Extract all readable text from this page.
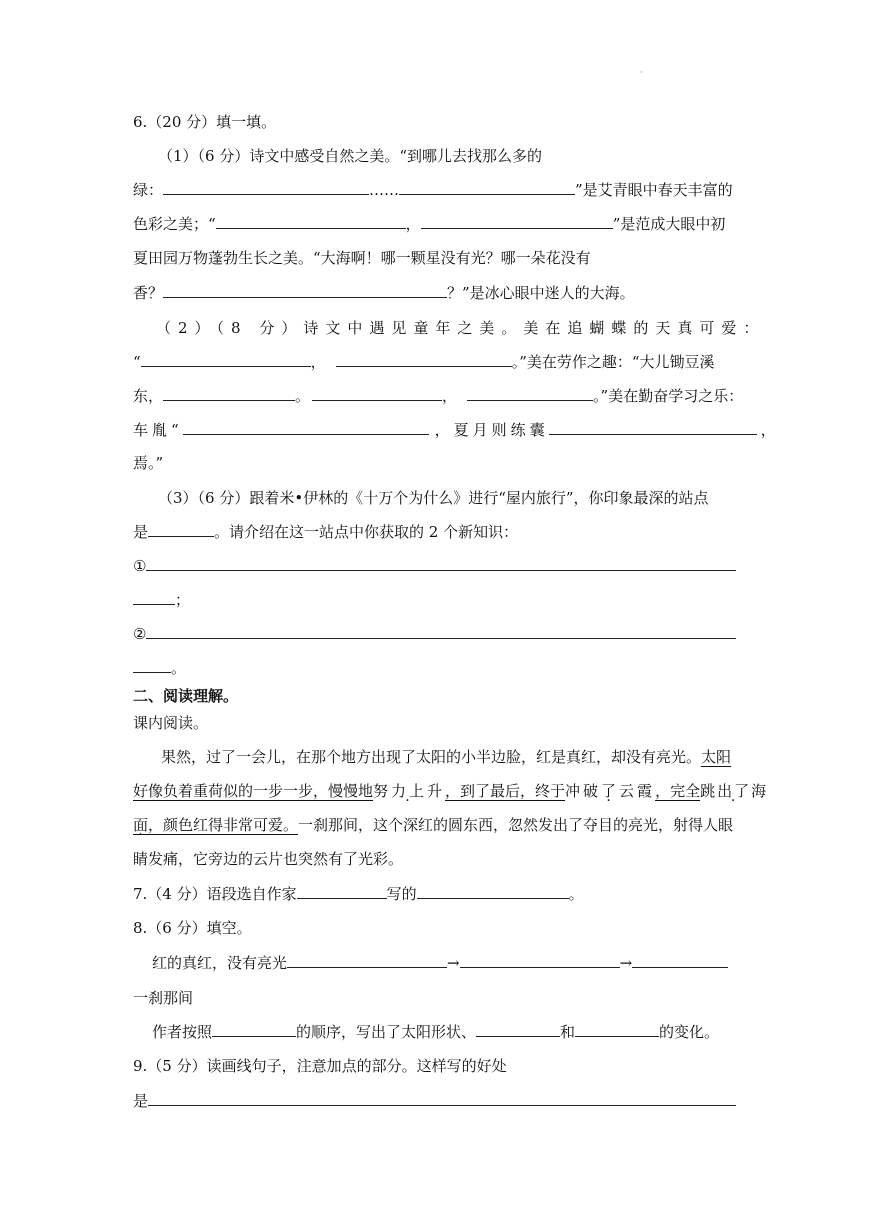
·
6.（20 分）填一填。
（1）（6 分）诗文中感受自然之美。“到哪儿去找那么多的
绿：	……	”是艾青眼中春天丰富的
色彩之美；“	，	”是范成大眼中初
夏田园万物蓬勃生长之美。“大海啊！哪一颗星没有光？哪一朵花没有
香？	？”是冰心眼中迷人的大海。
（2）（8 分）诗文中遇见童年之美。美在追蝴蝶的天真可爱：
“	，	。”美在劳作之趣：“大儿锄豆溪
东，	。	，	。”美在勤奋学习之乐：
车胤“	，夏月则练囊	，
焉。”
（3）（6 分）跟着米•伊林的《十万个为什么》进行“屋内旅行”，你印象最深的站点
是	。请介绍在这一站点中你获取的 2 个新知识：
①
；
②
。
二、阅读理解。
课内阅读。
果然，过了一会儿，在那个地方出现了太阳的小半边脸，红是真红，却没有亮光。太阳
好像负着重荷似的一步一步，慢慢地努力上升，到了最后，终于冲破了云霞 ·，完全跳出了海
面，颜色红得非常可爱。一刹那间，这个深红的圆东西，忽然发出了夺目的亮光，射得人眼
睛发痛，它旁边的云片也突然有了光彩。
7.（4 分）语段选自作家	写的	。
8.（6 分）填空。
红的真红，没有亮光	→	→
一刹那间
作者按照	的顺序，写出了太阳形状、	和	的变化。
9.（5 分）读画线句子，注意加点的部分。这样写的好处
是
